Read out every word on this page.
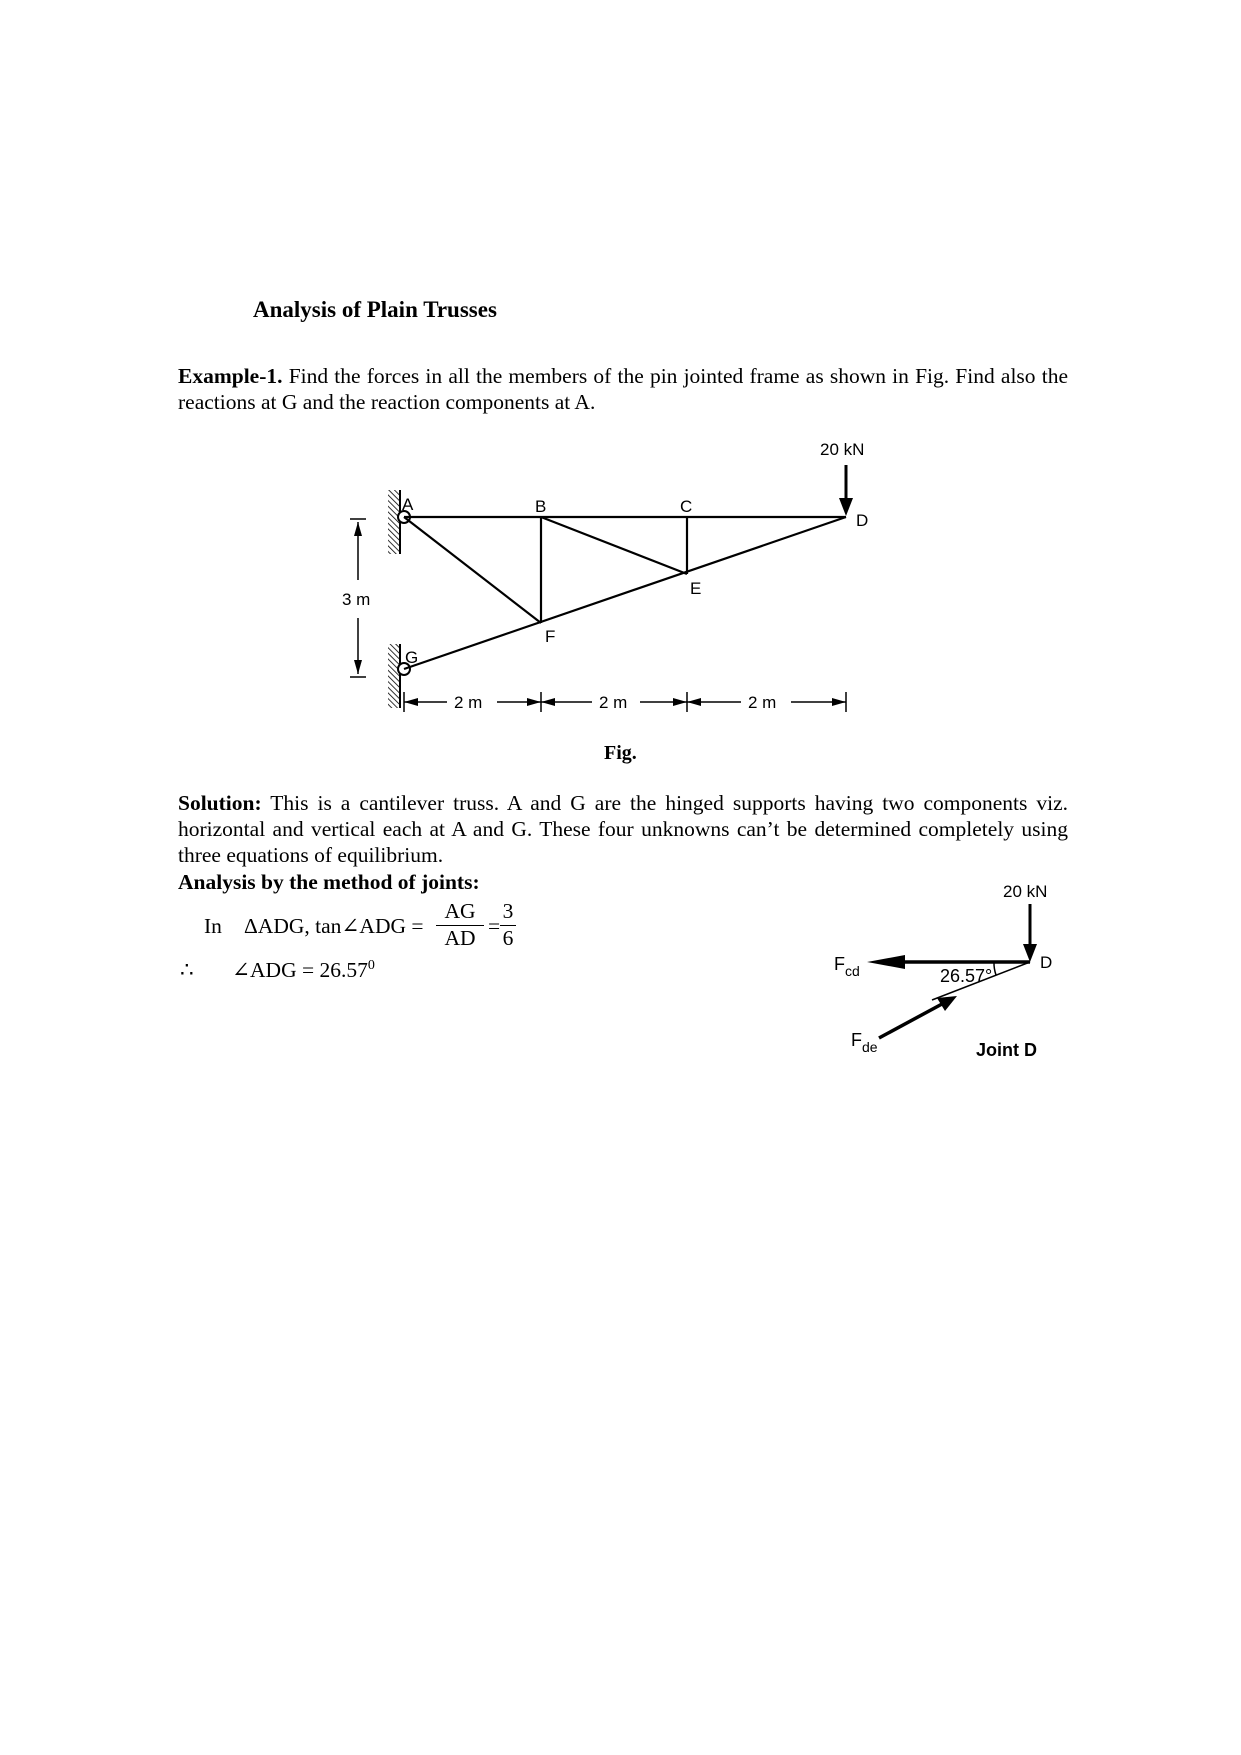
Analysis of Plain Trusses

Example-1. Find the forces in all the members of the pin jointed frame as shown in Fig. Find also the reactions at G and the reaction components at A.

20 kN
A	B	C
D
E
F
G
3 m
2 m	2 m	2 m
20 kN
D
26.57°
$F_{cd}$
$F_{de}$	Joint D
Fig.

Solution: This is a cantilever truss. A and G are the hinged supports having two components viz. horizontal and vertical each at A and G. These four unknowns can’t be determined completely using three equations of equilibrium.

Analysis by the method of joints:
In ΔADG, tan∠ADG =
AG
AD =
3
6
∴ ∠ADG = $26.57^0$
